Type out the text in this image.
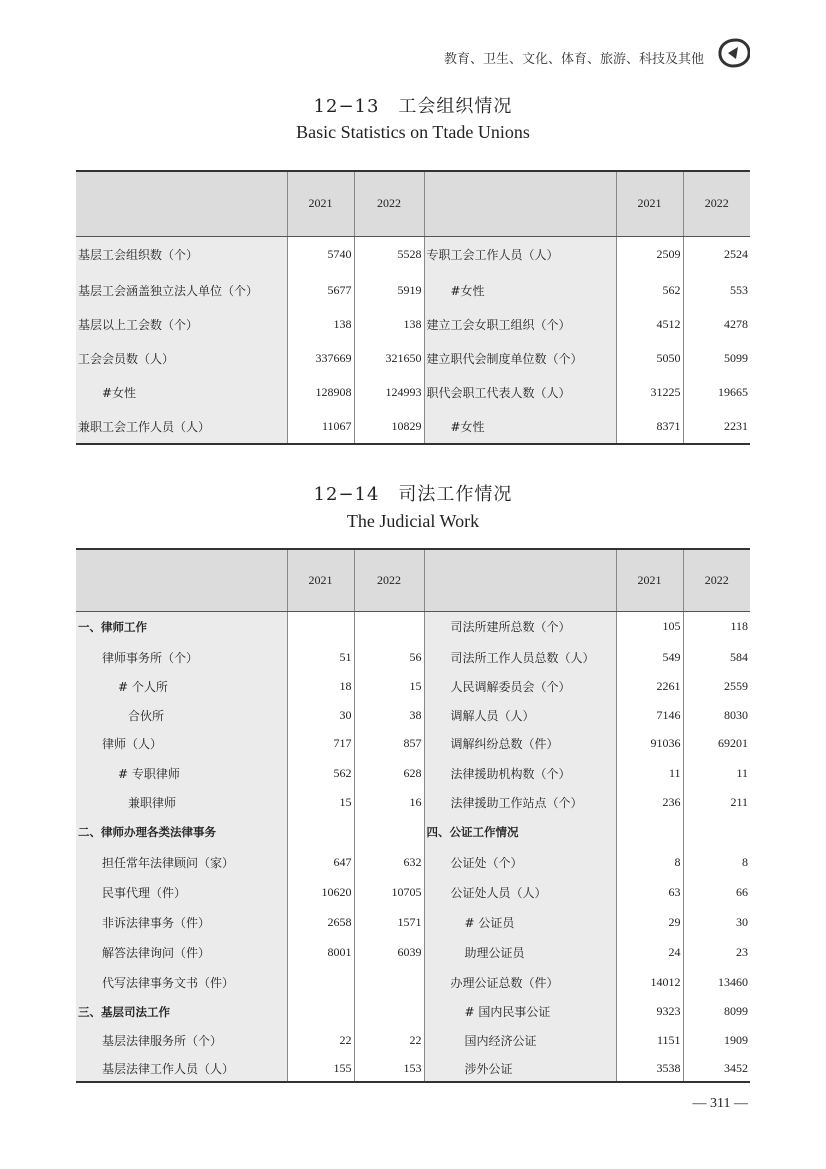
教育、卫生、文化、体育、旅游、科技及其他
12−13　工会组织情况
Basic Statistics on Ttade Unions
	2021	2022		2021	2022
基层工会组织数（个）	5740	5528	专职工会工作人员（人）	2509	2524
基层工会涵盖独立法人单位（个）	5677	5919	#女性	562	553
基层以上工会数（个）	138	138	建立工会女职工组织（个）	4512	4278
工会会员数（人）	337669	321650	建立职代会制度单位数（个）	5050	5099
#女性	128908	124993	职代会职工代表人数（人）	31225	19665
兼职工会工作人员（人）	11067	10829	#女性	8371	2231
12−14　司法工作情况
The Judicial Work
	2021	2022		2021	2022
一、律师工作			司法所建所总数（个）	105	118
律师事务所（个）	51	56	司法所工作人员总数（人）	549	584
# 个人所	18	15	人民调解委员会（个）	2261	2559
合伙所	30	38	调解人员（人）	7146	8030
律师（人）	717	857	调解纠纷总数（件）	91036	69201
# 专职律师	562	628	法律援助机构数（个）	11	11
兼职律师	15	16	法律援助工作站点（个）	236	211
二、律师办理各类法律事务			四、公证工作情况		
担任常年法律顾问（家）	647	632	公证处（个）	8	8
民事代理（件）	10620	10705	公证处人员（人）	63	66
非诉法律事务（件）	2658	1571	# 公证员	29	30
解答法律询问（件）	8001	6039	助理公证员	24	23
代写法律事务文书（件）			办理公证总数（件）	14012	13460
三、基层司法工作			# 国内民事公证	9323	8099
基层法律服务所（个）	22	22	国内经济公证	1151	1909
基层法律工作人员（人）	155	153	涉外公证	3538	3452
— 311 —
